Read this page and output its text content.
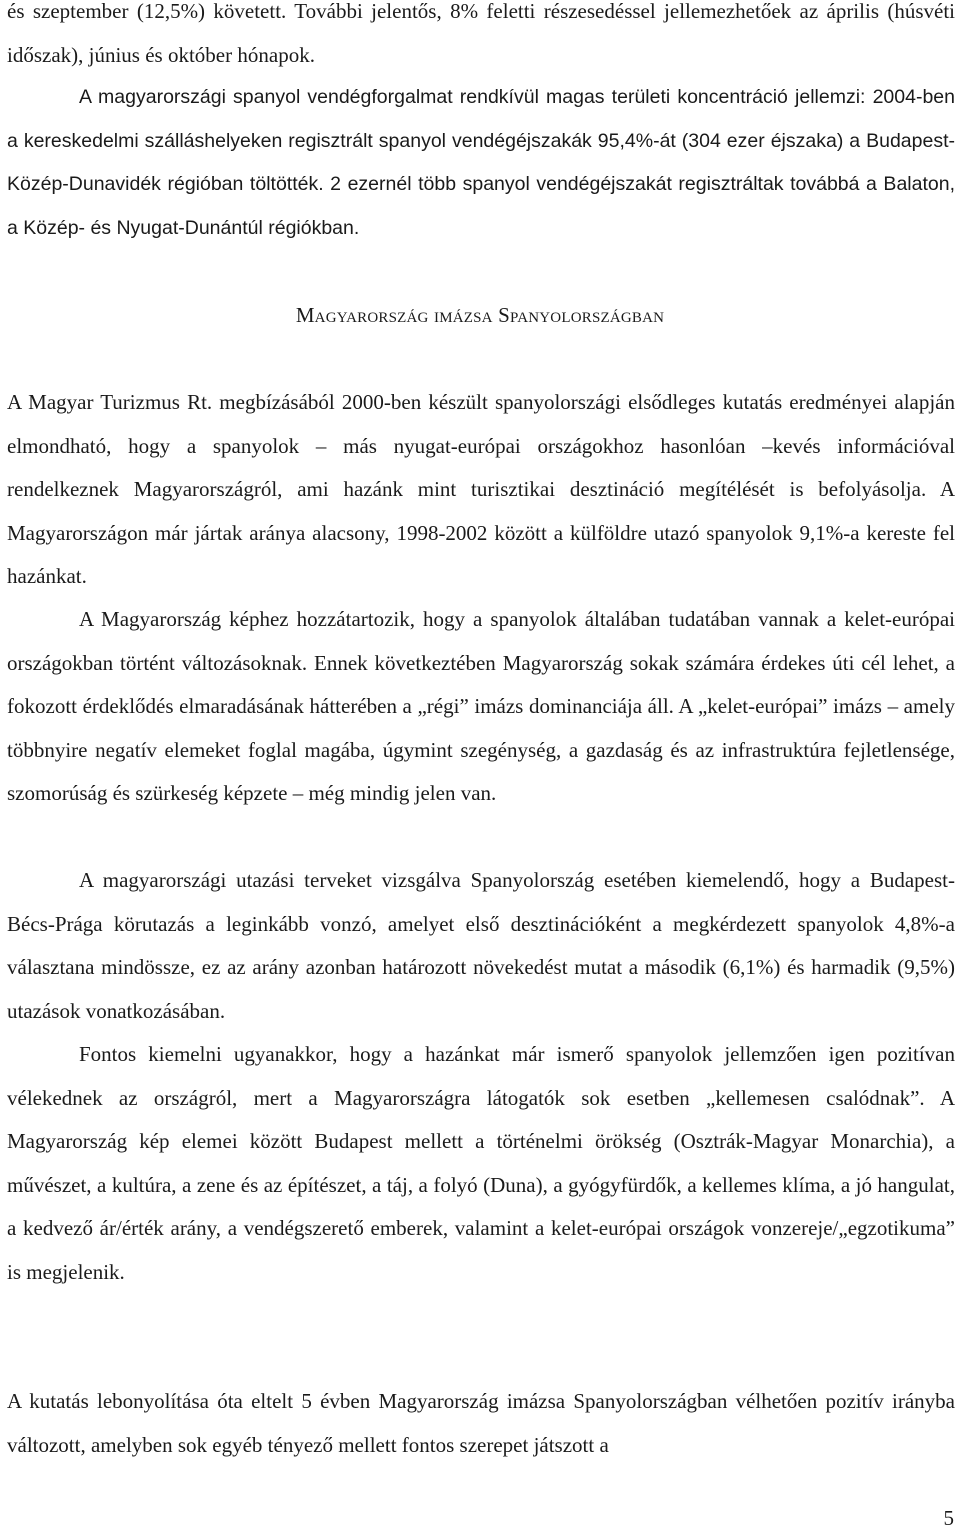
és szeptember (12,5%) követett. További jelentős, 8% feletti részesedéssel jellemezhetőek az április (húsvéti időszak), június és október hónapok.

A magyarországi spanyol vendégforgalmat rendkívül magas területi koncentráció jellemzi: 2004-ben a kereskedelmi szálláshelyeken regisztrált spanyol vendégéjszakák 95,4%-át (304 ezer éjszaka) a Budapest-Közép-Dunavidék régióban töltötték. 2 ezernél több spanyol vendégéjszakát regisztráltak továbbá a Balaton, a Közép- és Nyugat-Dunántúl régiókban.

Magyarország imázsa Spanyolországban

A Magyar Turizmus Rt. megbízásából 2000-ben készült spanyolországi elsődleges kutatás eredményei alapján elmondható, hogy a spanyolok – más nyugat-európai országokhoz hasonlóan –kevés információval rendelkeznek Magyarországról, ami hazánk mint turisztikai desztináció megítélését is befolyásolja. A Magyarországon már jártak aránya alacsony, 1998-2002 között a külföldre utazó spanyolok 9,1%-a kereste fel hazánkat.

A Magyarország képhez hozzátartozik, hogy a spanyolok általában tudatában vannak a kelet-európai országokban történt változásoknak. Ennek következtében Magyarország sokak számára érdekes úti cél lehet, a fokozott érdeklődés elmaradásának hátterében a „régi” imázs dominanciája áll. A „kelet-európai” imázs – amely többnyire negatív elemeket foglal magába, úgymint szegénység, a gazdaság és az infrastruktúra fejletlensége, szomorúság és szürkeség képzete – még mindig jelen van.

A magyarországi utazási terveket vizsgálva Spanyolország esetében kiemelendő, hogy a Budapest-Bécs-Prága körutazás a leginkább vonzó, amelyet első desztinációként a megkérdezett spanyolok 4,8%-a választana mindössze, ez az arány azonban határozott növekedést mutat a második (6,1%) és harmadik (9,5%) utazások vonatkozásában.

Fontos kiemelni ugyanakkor, hogy a hazánkat már ismerő spanyolok jellemzően igen pozitívan vélekednek az országról, mert a Magyarországra látogatók sok esetben „kellemesen csalódnak”. A Magyarország kép elemei között Budapest mellett a történelmi örökség (Osztrák-Magyar Monarchia), a művészet, a kultúra, a zene és az építészet, a táj, a folyó (Duna), a gyógyfürdők, a kellemes klíma, a jó hangulat, a kedvező ár/érték arány, a vendégszerető emberek, valamint a kelet-európai országok vonzereje/„egzotikuma” is megjelenik.

A kutatás lebonyolítása óta eltelt 5 évben Magyarország imázsa Spanyolországban vélhetően pozitív irányba változott, amelyben sok egyéb tényező mellett fontos szerepet játszott a

5
